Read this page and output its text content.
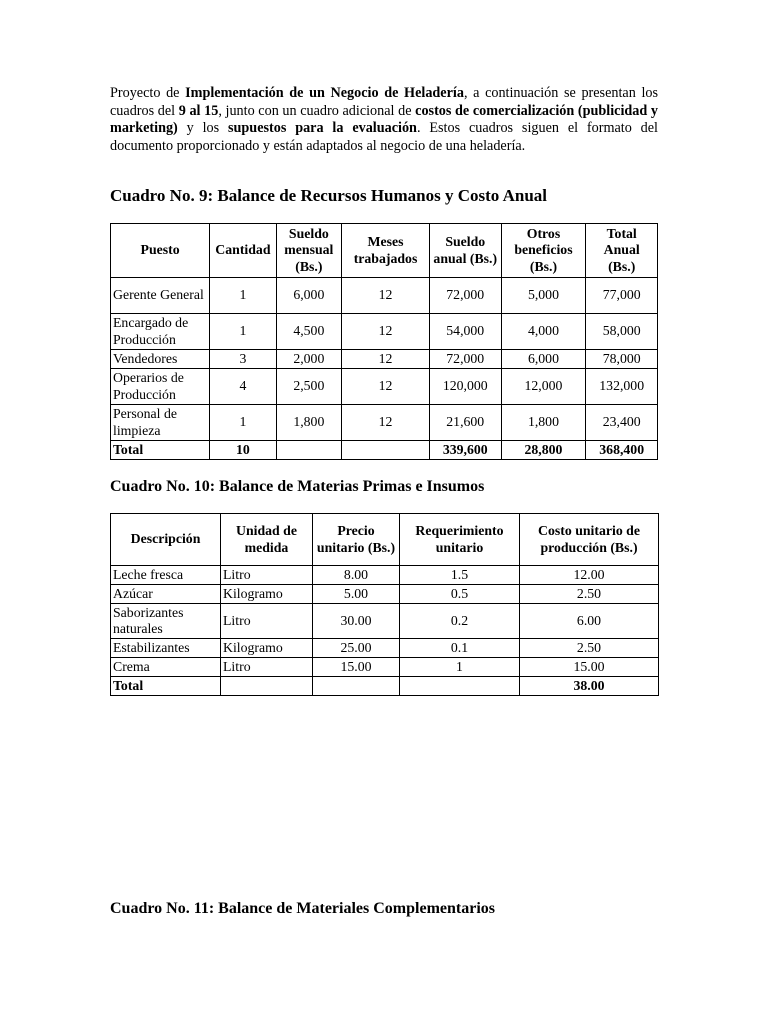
Proyecto de Implementación de un Negocio de Heladería, a continuación se presentan los cuadros del 9 al 15, junto con un cuadro adicional de costos de comercialización (publicidad y marketing) y los supuestos para la evaluación. Estos cuadros siguen el formato del documento proporcionado y están adaptados al negocio de una heladería.

Cuadro No. 9: Balance de Recursos Humanos y Costo Anual
Puesto	Cantidad	Sueldo mensual (Bs.)	Meses trabajados	Sueldo anual (Bs.)	Otros beneficios (Bs.)	Total Anual (Bs.)
Gerente General	1	6,000	12	72,000	5,000	77,000
Encargado de Producción	1	4,500	12	54,000	4,000	58,000
Vendedores	3	2,000	12	72,000	6,000	78,000
Operarios de Producción	4	2,500	12	120,000	12,000	132,000
Personal de limpieza	1	1,800	12	21,600	1,800	23,400
Total	10			339,600	28,800	368,400
Cuadro No. 10: Balance de Materias Primas e Insumos
Descripción	Unidad de medida	Precio unitario (Bs.)	Requerimiento unitario	Costo unitario de producción (Bs.)
Leche fresca	Litro	8.00	1.5	12.00
Azúcar	Kilogramo	5.00	0.5	2.50
Saborizantes naturales	Litro	30.00	0.2	6.00
Estabilizantes	Kilogramo	25.00	0.1	2.50
Crema	Litro	15.00	1	15.00
Total				38.00
Cuadro No. 11: Balance de Materiales Complementarios
